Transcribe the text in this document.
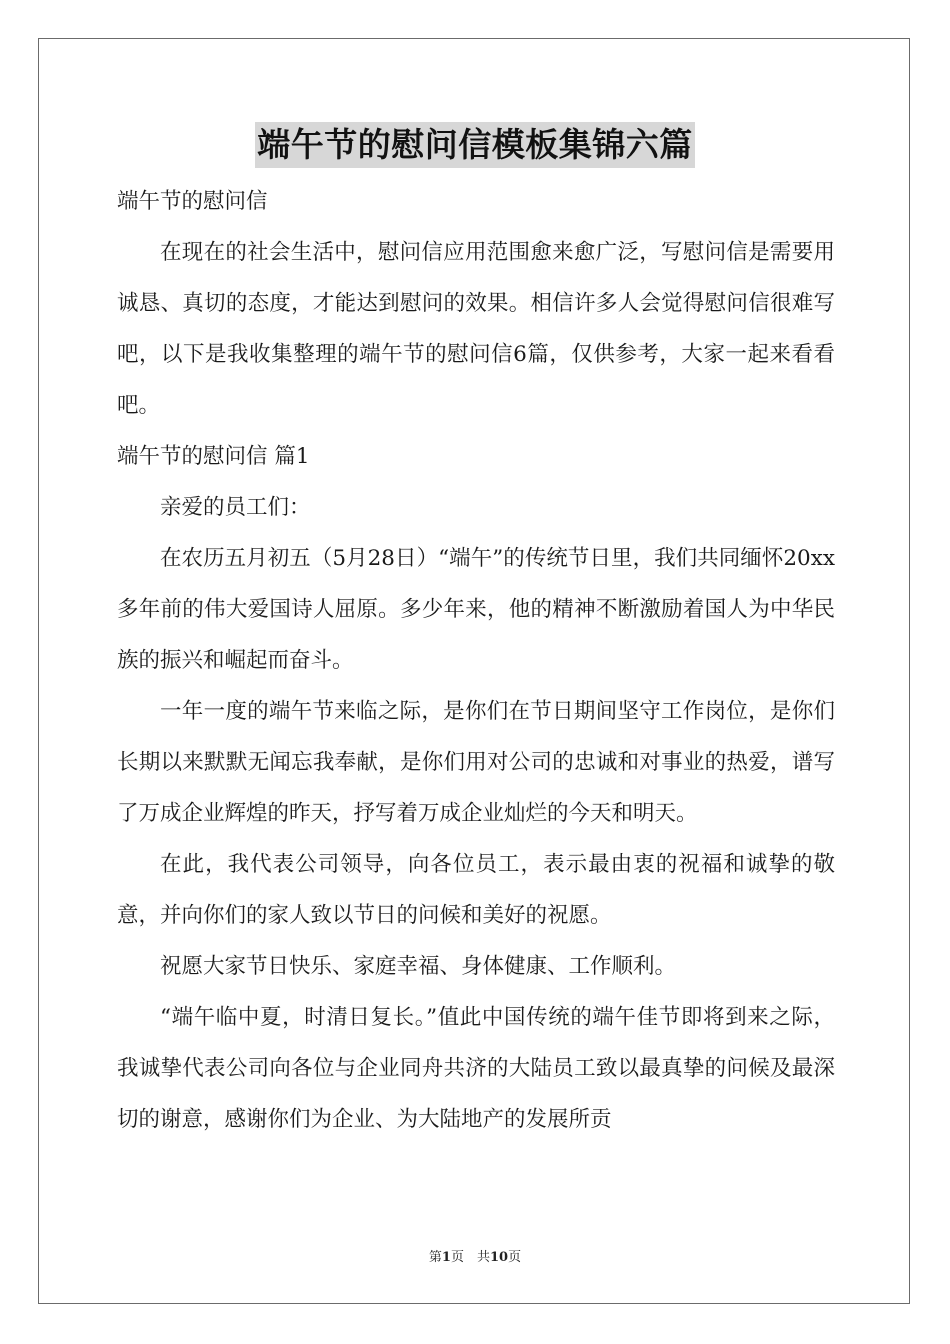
端午节的慰问信模板集锦六篇

端午节的慰问信

在现在的社会生活中，慰问信应用范围愈来愈广泛，写慰问信是需要用诚恳、真切的态度，才能达到慰问的效果。相信许多人会觉得慰问信很难写吧，以下是我收集整理的端午节的慰问信6篇，仅供参考，大家一起来看看吧。

端午节的慰问信 篇1

亲爱的员工们：

在农历五月初五（5月28日）“端午”的传统节日里，我们共同缅怀20xx多年前的伟大爱国诗人屈原。多少年来，他的精神不断激励着国人为中华民族的振兴和崛起而奋斗。

一年一度的端午节来临之际，是你们在节日期间坚守工作岗位，是你们长期以来默默无闻忘我奉献，是你们用对公司的忠诚和对事业的热爱，谱写了万成企业辉煌的昨天，抒写着万成企业灿烂的今天和明天。

在此，我代表公司领导，向各位员工，表示最由衷的祝福和诚挚的敬意，并向你们的家人致以节日的问候和美好的祝愿。

祝愿大家节日快乐、家庭幸福、身体健康、工作顺利。

“端午临中夏，时清日复长。”值此中国传统的端午佳节即将到来之际，我诚挚代表公司向各位与企业同舟共济的大陆员工致以最真挚的问候及最深切的谢意，感谢你们为企业、为大陆地产的发展所贡

第1页　共10页
